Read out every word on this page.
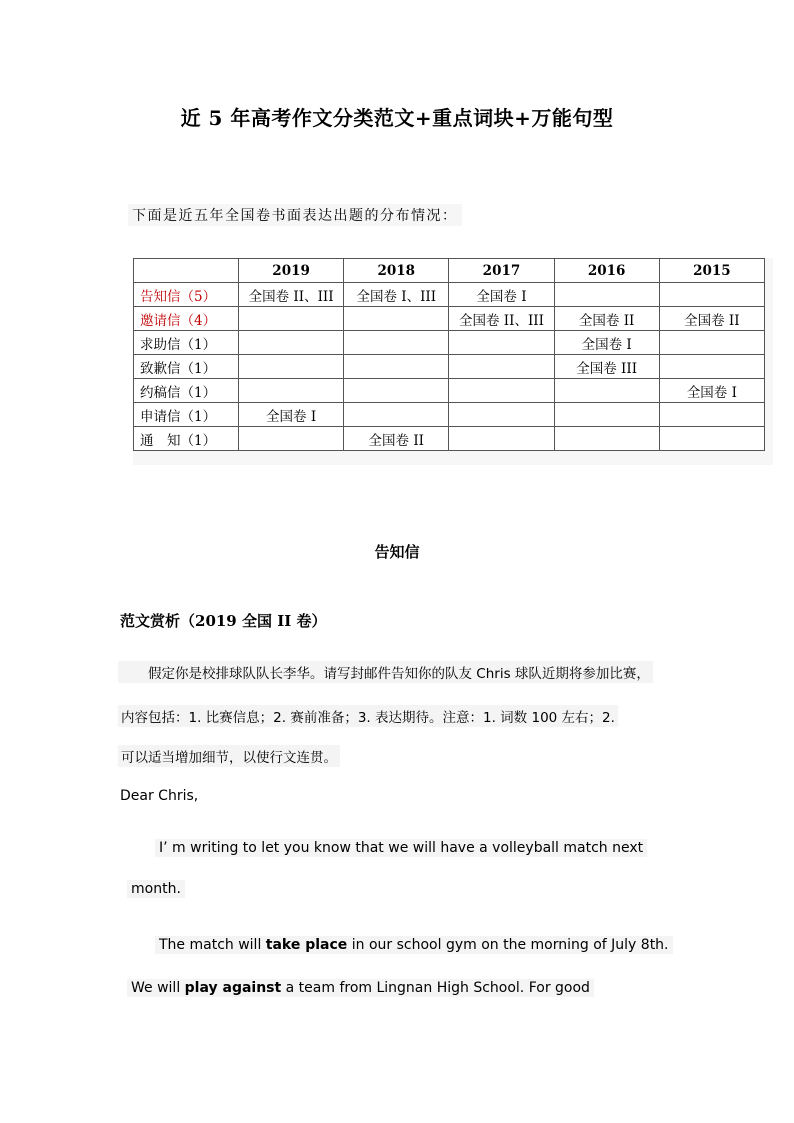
近 5 年高考作文分类范文+重点词块+万能句型
下面是近五年全国卷书面表达出题的分布情况：
	2019	2018	2017	2016	2015
告知信（5）	全国卷 II、III	全国卷 I、III	全国卷 I		
邀请信（4）			全国卷 II、III	全国卷 II	全国卷 II
求助信（1）				全国卷 I	
致歉信（1）				全国卷 III	
约稿信（1）					全国卷 I
申请信（1）	全国卷 I				
通　知（1）		全国卷 II			
告知信
范文赏析（2019 全国 II 卷）
假定你是校排球队队长李华。请写封邮件告知你的队友 Chris 球队近期将参加比赛，
内容包括：1. 比赛信息；2. 赛前准备；3. 表达期待。注意：1. 词数 100 左右；2.
可以适当增加细节，以使行文连贯。
Dear Chris,
I’ m writing to let you know that we will have a volleyball match next
month.
The match will take place in our school gym on the morning of July 8th.
We will play against a team from Lingnan High School. For good
